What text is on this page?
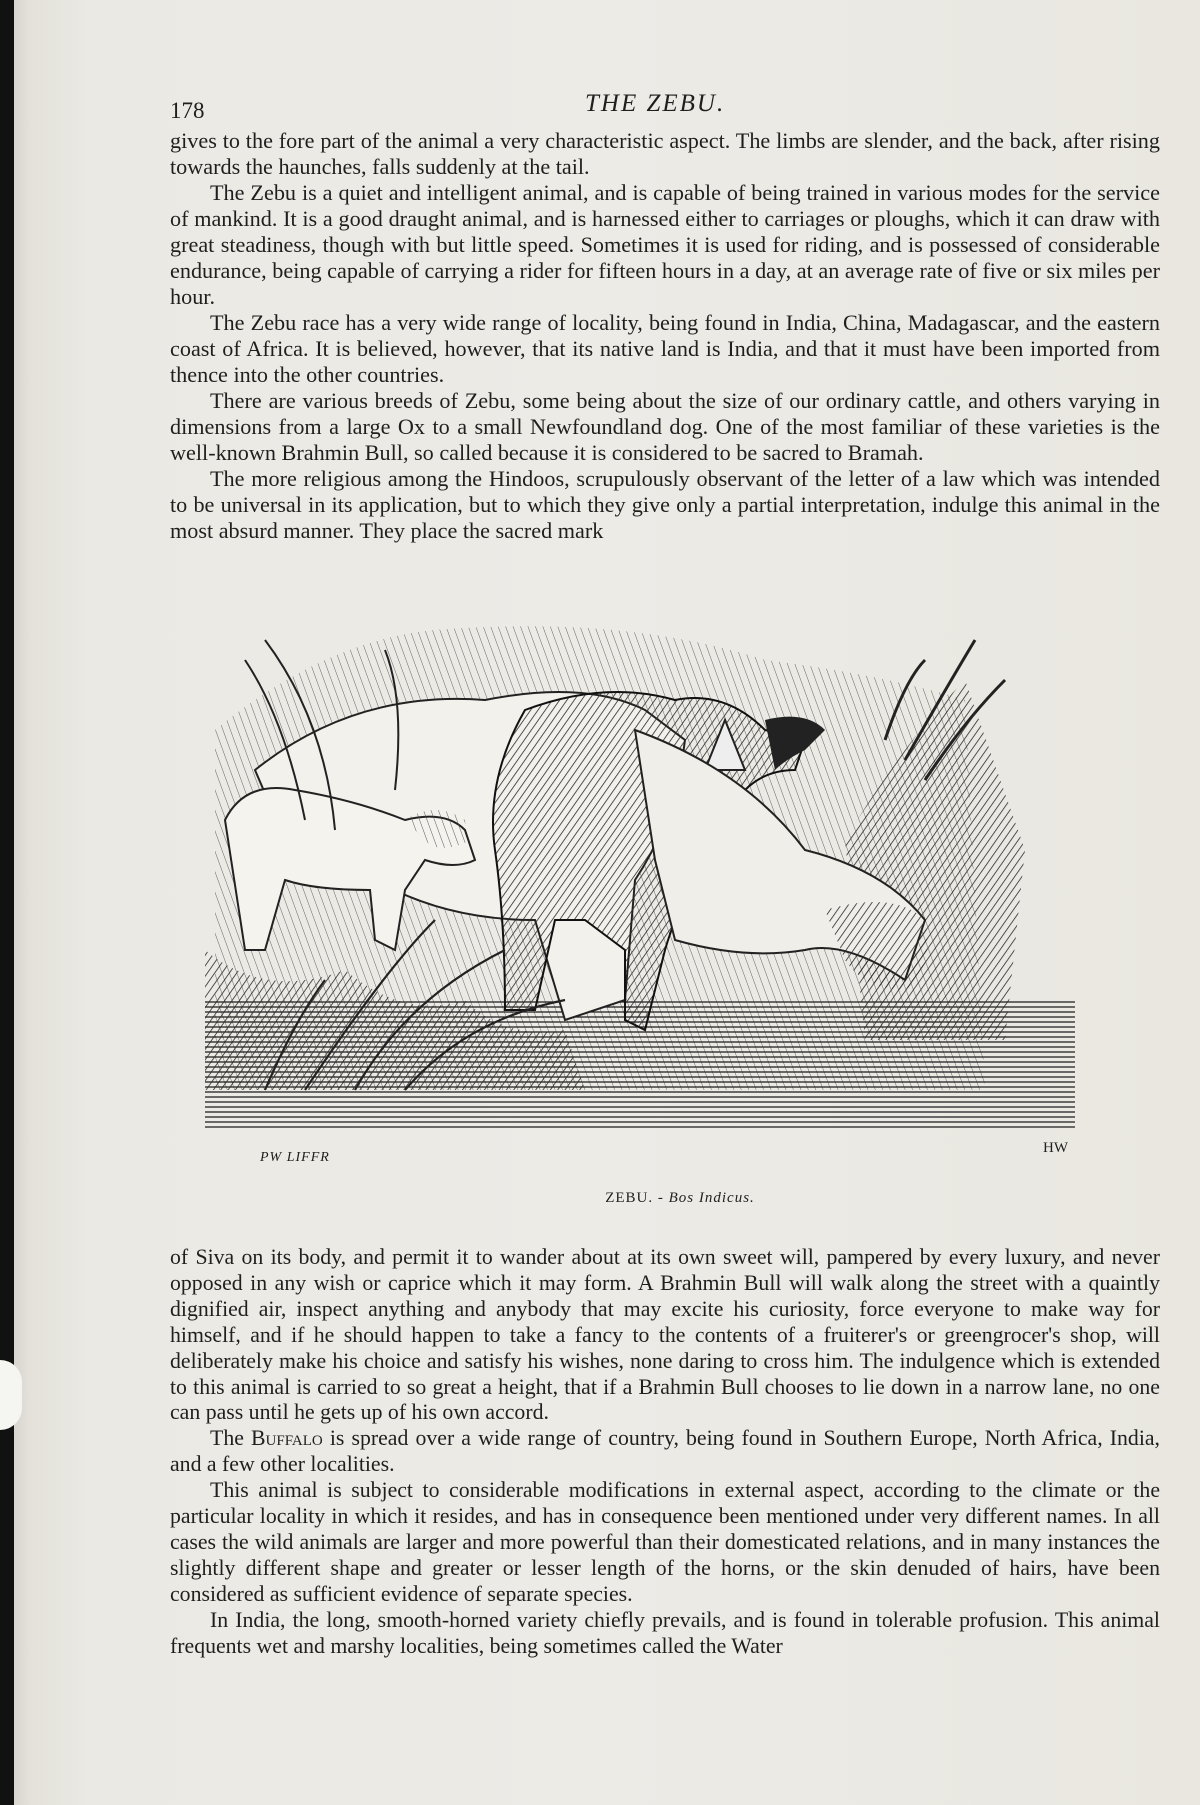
178	THE ZEBU.

gives to the fore part of the animal a very characteristic aspect. The limbs are slender, and the back, after rising towards the haunches, falls suddenly at the tail.

The Zebu is a quiet and intelligent animal, and is capable of being trained in various modes for the service of mankind. It is a good draught animal, and is harnessed either to carriages or ploughs, which it can draw with great steadiness, though with but little speed. Sometimes it is used for riding, and is possessed of considerable endurance, being capable of carrying a rider for fifteen hours in a day, at an average rate of five or six miles per hour.

The Zebu race has a very wide range of locality, being found in India, China, Madagascar, and the eastern coast of Africa. It is believed, however, that its native land is India, and that it must have been imported from thence into the other countries.

There are various breeds of Zebu, some being about the size of our ordinary cattle, and others varying in dimensions from a large Ox to a small Newfoundland dog. One of the most familiar of these varieties is the well-known Brahmin Bull, so called because it is considered to be sacred to Bramah.

The more religious among the Hindoos, scrupulously observant of the letter of a law which was intended to be universal in its application, but to which they give only a partial interpretation, indulge this animal in the most absurd manner. They place the sacred mark

PW LIFFR
HW
ZEBU. - Bos Indicus.

of Siva on its body, and permit it to wander about at its own sweet will, pampered by every luxury, and never opposed in any wish or caprice which it may form. A Brahmin Bull will walk along the street with a quaintly dignified air, inspect anything and anybody that may excite his curiosity, force everyone to make way for himself, and if he should happen to take a fancy to the contents of a fruiterer's or greengrocer's shop, will deliberately make his choice and satisfy his wishes, none daring to cross him. The indulgence which is extended to this animal is carried to so great a height, that if a Brahmin Bull chooses to lie down in a narrow lane, no one can pass until he gets up of his own accord.

The Buffalo is spread over a wide range of country, being found in Southern Europe, North Africa, India, and a few other localities.

This animal is subject to considerable modifications in external aspect, according to the climate or the particular locality in which it resides, and has in consequence been mentioned under very different names. In all cases the wild animals are larger and more powerful than their domesticated relations, and in many instances the slightly different shape and greater or lesser length of the horns, or the skin denuded of hairs, have been considered as sufficient evidence of separate species.

In India, the long, smooth-horned variety chiefly prevails, and is found in tolerable profusion. This animal frequents wet and marshy localities, being sometimes called the Water
